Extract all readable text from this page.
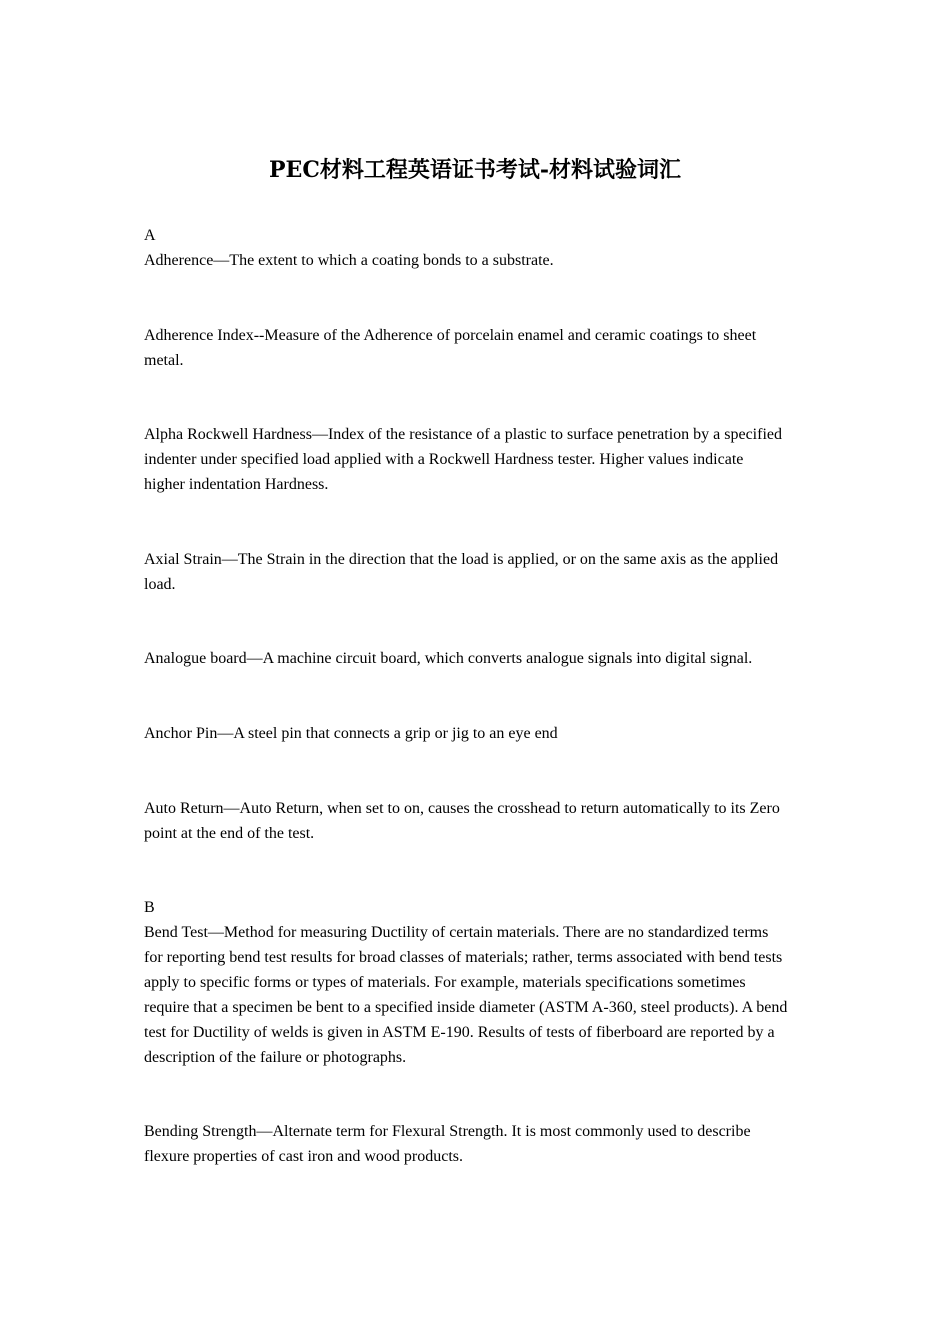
PEC材料工程英语证书考试-材料试验词汇

A

Adherence—The extent to which a coating bonds to a substrate.

Adherence Index--Measure of the Adherence of porcelain enamel and ceramic coatings to sheet metal.

Alpha Rockwell Hardness—Index of the resistance of a plastic to surface penetration by a specified indenter under specified load applied with a Rockwell Hardness tester. Higher values indicate higher indentation Hardness.

Axial Strain—The Strain in the direction that the load is applied, or on the same axis as the applied load.

Analogue board—A machine circuit board, which converts analogue signals into digital signal.

Anchor Pin—A steel pin that connects a grip or jig to an eye end

Auto Return—Auto Return, when set to on, causes the crosshead to return automatically to its Zero point at the end of the test.

B

Bend Test—Method for measuring Ductility of certain materials. There are no standardized terms for reporting bend test results for broad classes of materials; rather, terms associated with bend tests apply to specific forms or types of materials. For example, materials specifications sometimes require that a specimen be bent to a specified inside diameter (ASTM A-360, steel products). A bend test for Ductility of welds is given in ASTM E-190. Results of tests of fiberboard are reported by a description of the failure or photographs.

Bending Strength—Alternate term for Flexural Strength. It is most commonly used to describe flexure properties of cast iron and wood products.
